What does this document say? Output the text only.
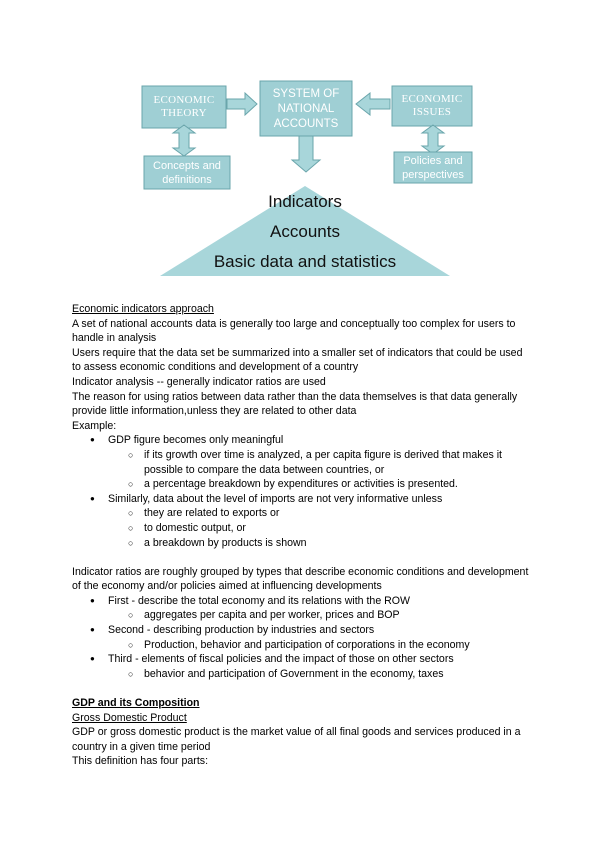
ECONOMIC THEORY
SYSTEM OF NATIONAL ACCOUNTS
ECONOMIC ISSUES
Concepts and definitions
Policies and perspectives
Indicators
Accounts
Basic data and statistics

Economic indicators approach

A set of national accounts data is generally too large and conceptually too complex for users to handle in analysis

Users require that the data set be summarized into a smaller set of indicators that could be used to assess economic conditions and development of a country

Indicator analysis -- generally indicator ratios are used

The reason for using ratios between data rather than the data themselves is that data generally provide little information,unless they are related to other data

Example:

● GDP figure becomes only meaningful
○ if its growth over time is analyzed, a per capita figure is derived that makes it possible to compare the data between countries, or
○ a percentage breakdown by expenditures or activities is presented.
● Similarly, data about the level of imports are not very informative unless
○ they are related to exports or
○ to domestic output, or
○ a breakdown by products is shown

Indicator ratios are roughly grouped by types that describe economic conditions and development of the economy and/or policies aimed at influencing developments

● First - describe the total economy and its relations with the ROW
○ aggregates per capita and per worker, prices and BOP
● Second - describing production by industries and sectors
○ Production, behavior and participation of corporations in the economy
● Third - elements of fiscal policies and the impact of those on other sectors
○ behavior and participation of Government in the economy, taxes

GDP and its Composition

Gross Domestic Product

GDP or gross domestic product is the market value of all final goods and services produced in a country in a given time period

This definition has four parts:
